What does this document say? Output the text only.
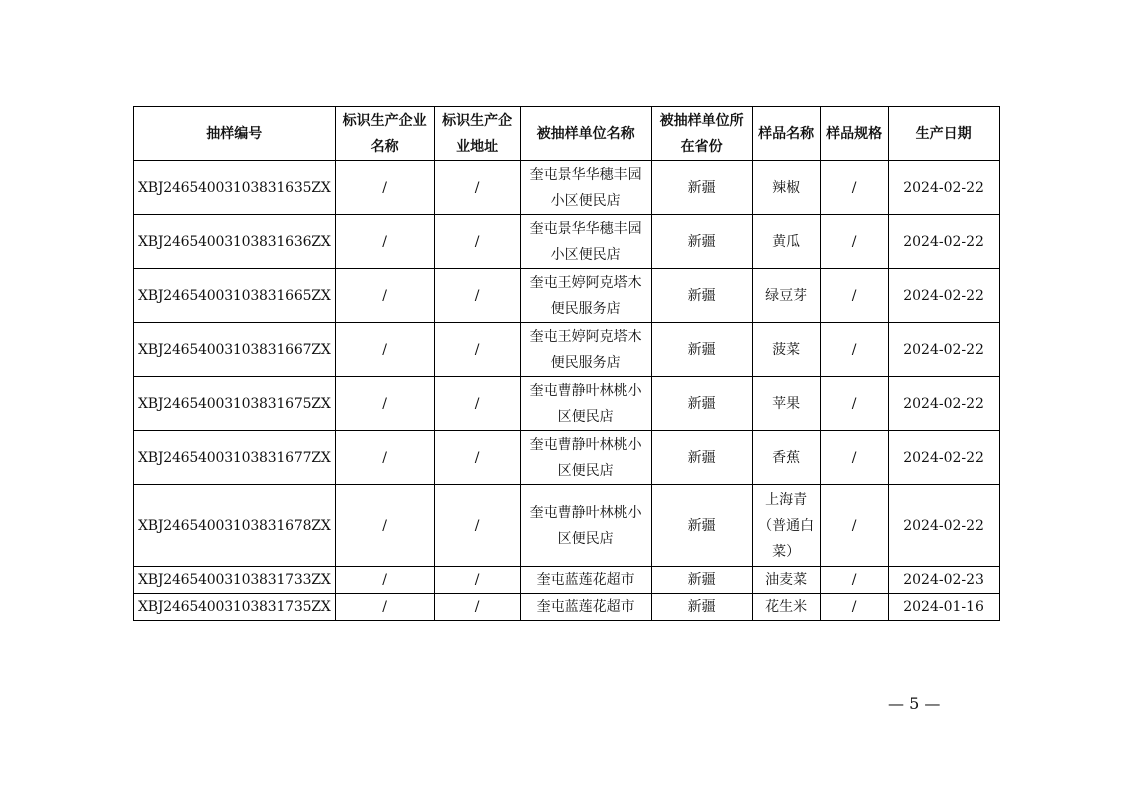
抽样编号	标识生产企业名称	标识生产企业地址	被抽样单位名称	被抽样单位所在省份	样品名称	样品规格	生产日期
XBJ24654003103831635ZX	/	/	奎屯景华华穗丰园小区便民店	新疆	辣椒	/	2024-02-22
XBJ24654003103831636ZX	/	/	奎屯景华华穗丰园小区便民店	新疆	黄瓜	/	2024-02-22
XBJ24654003103831665ZX	/	/	奎屯王婷阿克塔木便民服务店	新疆	绿豆芽	/	2024-02-22
XBJ24654003103831667ZX	/	/	奎屯王婷阿克塔木便民服务店	新疆	菠菜	/	2024-02-22
XBJ24654003103831675ZX	/	/	奎屯曹静叶林桃小区便民店	新疆	苹果	/	2024-02-22
XBJ24654003103831677ZX	/	/	奎屯曹静叶林桃小区便民店	新疆	香蕉	/	2024-02-22
XBJ24654003103831678ZX	/	/	奎屯曹静叶林桃小区便民店	新疆	上海青（普通白菜）	/	2024-02-22
XBJ24654003103831733ZX	/	/	奎屯蓝莲花超市	新疆	油麦菜	/	2024-02-23
XBJ24654003103831735ZX	/	/	奎屯蓝莲花超市	新疆	花生米	/	2024-01-16
— 5 —
